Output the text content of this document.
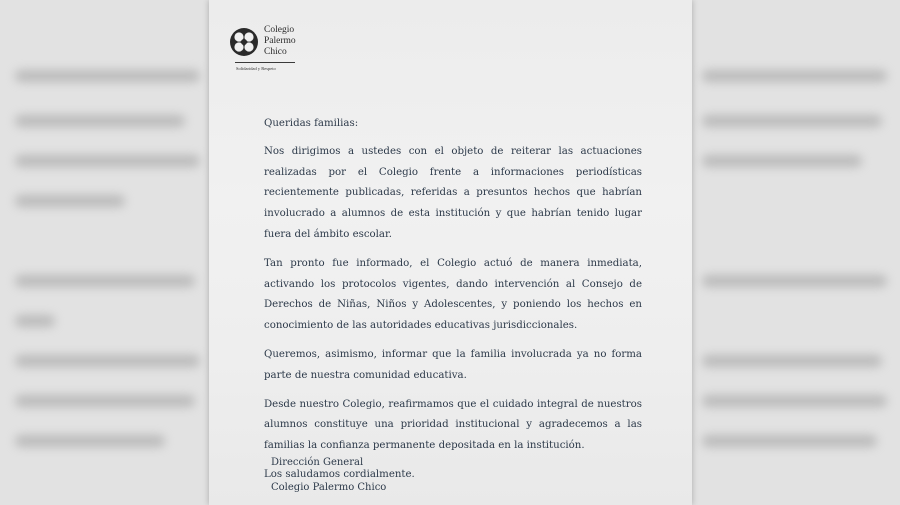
Colegio
Palermo
Chico
Solidaridad y Respeto

Queridas familias:

Nos dirigimos a ustedes con el objeto de reiterar las actuaciones realizadas por el Colegio frente a informaciones periodísticas recientemente publicadas, referidas a presuntos hechos que habrían involucrado a alumnos de esta institución y que habrían tenido lugar fuera del ámbito escolar.

Tan pronto fue informado, el Colegio actuó de manera inmediata, activando los protocolos vigentes, dando intervención al Consejo de Derechos de Niñas, Niños y Adolescentes, y poniendo los hechos en conocimiento de las autoridades educativas jurisdiccionales.

Queremos, asimismo, informar que la familia involucrada ya no forma parte de nuestra comunidad educativa.

Desde nuestro Colegio, reafirmamos que el cuidado integral de nuestros alumnos constituye una prioridad institucional y agradecemos a las familias la confianza permanente depositada en la institución.

Los saludamos cordialmente.

Dirección General
Colegio Palermo Chico
